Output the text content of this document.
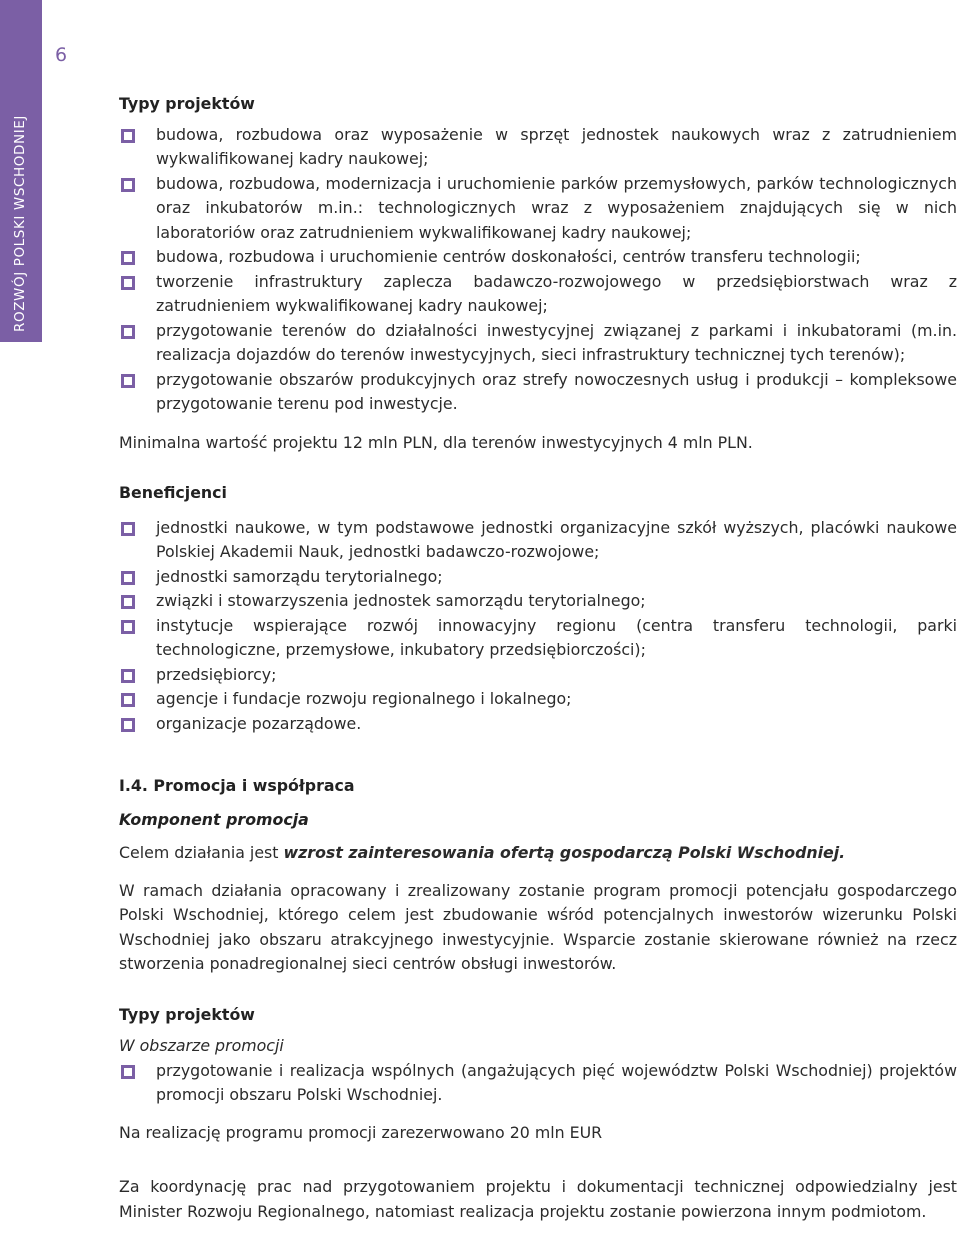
ROZWÓJ POLSKI WSCHODNIEJ
6

Typy projektów

budowa, rozbudowa oraz wyposażenie w sprzęt jednostek naukowych wraz z zatrudnieniem wykwalifikowanej kadry naukowej;
budowa, rozbudowa, modernizacja i uruchomienie parków przemysłowych, parków technologicznych oraz inkubatorów m.in.: technologicznych wraz z wyposażeniem znajdujących się w nich laboratoriów oraz zatrudnieniem wykwalifikowanej kadry naukowej;
budowa, rozbudowa i uruchomienie centrów doskonałości, centrów transferu technologii;
tworzenie infrastruktury zaplecza badawczo-rozwojowego w przedsiębiorstwach wraz z zatrudnieniem wykwalifikowanej kadry naukowej;
przygotowanie terenów do działalności inwestycyjnej związanej z parkami i inkubatorami (m.in. realizacja dojazdów do terenów inwestycyjnych, sieci infrastruktury technicznej tych terenów);
przygotowanie obszarów produkcyjnych oraz strefy nowoczesnych usług i produkcji – kompleksowe przygotowanie terenu pod inwestycje.

Minimalna wartość projektu 12 mln PLN, dla terenów inwestycyjnych 4 mln PLN.

Beneficjenci

jednostki naukowe, w tym podstawowe jednostki organizacyjne szkół wyższych, placówki naukowe Polskiej Akademii Nauk, jednostki badawczo-rozwojowe;
jednostki samorządu terytorialnego;
związki i stowarzyszenia jednostek samorządu terytorialnego;
instytucje wspierające rozwój innowacyjny regionu (centra transferu technologii, parki technologiczne, przemysłowe, inkubatory przedsiębiorczości);
przedsiębiorcy;
agencje i fundacje rozwoju regionalnego i lokalnego;
organizacje pozarządowe.

I.4. Promocja i współpraca

Komponent promocja

Celem działania jest wzrost zainteresowania ofertą gospodarczą Polski Wschodniej.

W ramach działania opracowany i zrealizowany zostanie program promocji potencjału gospodarczego Polski Wschodniej, którego celem jest zbudowanie wśród potencjalnych inwestorów wizerunku Polski Wschodniej jako obszaru atrakcyjnego inwestycyjnie. Wsparcie zostanie skierowane również na rzecz stworzenia ponadregionalnej sieci centrów obsługi inwestorów.

Typy projektów

W obszarze promocji

przygotowanie i realizacja wspólnych (angażujących pięć województw Polski Wschodniej) projektów promocji obszaru Polski Wschodniej.

Na realizację programu promocji zarezerwowano 20 mln EUR

Za koordynację prac nad przygotowaniem projektu i dokumentacji technicznej odpowiedzialny jest Minister Rozwoju Regionalnego, natomiast realizacja projektu zostanie powierzona innym podmiotom.
